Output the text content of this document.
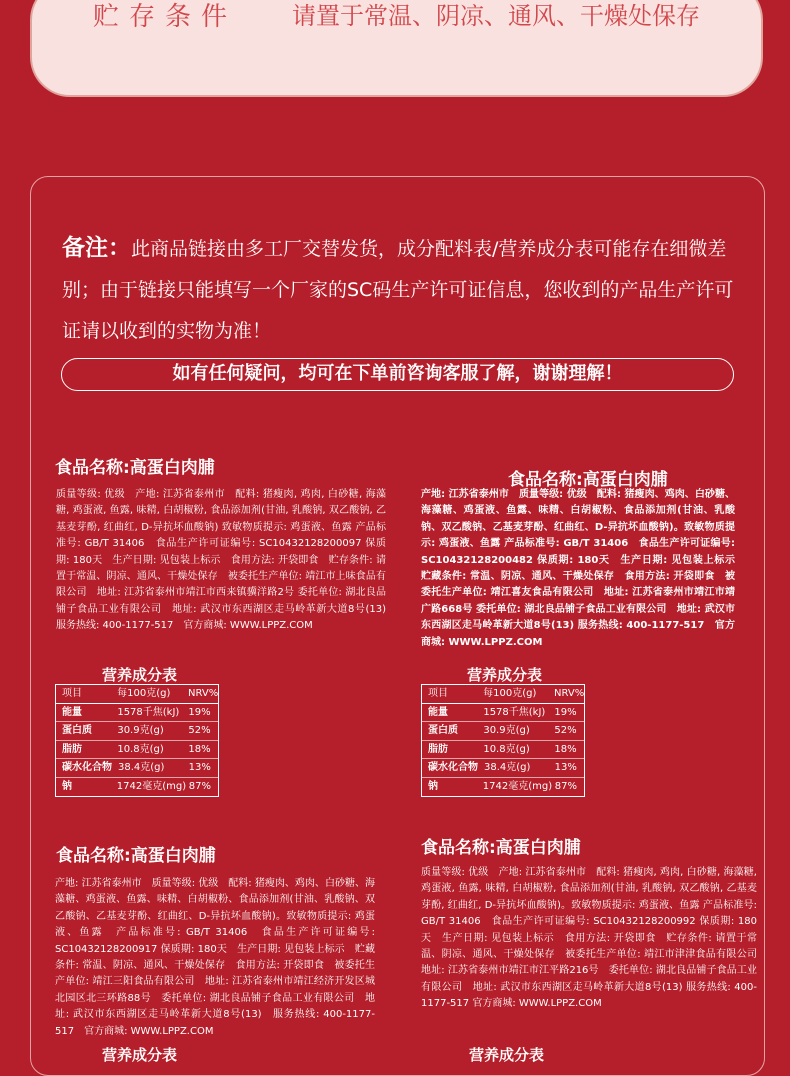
贮存条件 请置于常温、阴凉、通风、干燥处保存
备注：此商品链接由多工厂交替发货，成分配料表/营养成分表可能存在细微差别；由于链接只能填写一个厂家的SC码生产许可证信息，您收到的产品生产许可证请以收到的实物为准！
如有任何疑问，均可在下单前咨询客服了解，谢谢理解！
食品名称:高蛋白肉脯
质量等级: 优级　产地: 江苏省泰州市　配料: 猪瘦肉, 鸡肉, 白砂糖, 海藻糖, 鸡蛋液, 鱼露, 味精, 白胡椒粉, 食品添加剂(甘油, 乳酸钠, 双乙酸钠, 乙基麦芽酚, 红曲红, D-异抗坏血酸钠) 致敏物质提示: 鸡蛋液、鱼露 产品标准号: GB/T 31406　食品生产许可证编号: SC10432128200097 保质期: 180天　生产日期: 见包装上标示　食用方法: 开袋即食　贮存条件: 请置于常温、阴凉、通风、干燥处保存　被委托生产单位: 靖江市上味食品有限公司　地址: 江苏省泰州市靖江市西来镇骥洋路2号 委托单位: 湖北良品铺子食品工业有限公司　地址: 武汉市东西湖区走马岭革新大道8号(13)　服务热线: 400-1177-517　官方商城: WWW.LPPZ.COM
食品名称:高蛋白肉脯
产地: 江苏省泰州市　质量等级: 优级　配料: 猪瘦肉、鸡肉、白砂糖、海藻糖、鸡蛋液、鱼露、味精、白胡椒粉、食品添加剂(甘油、乳酸钠、双乙酸钠、乙基麦芽酚、红曲红、D-异抗坏血酸钠)。致敏物质提示: 鸡蛋液、鱼露 产品标准号: GB/T 31406　食品生产许可证编号: SC10432128200482 保质期: 180天　生产日期: 见包装上标示　贮藏条件: 常温、阴凉、通风、干燥处保存　食用方法: 开袋即食　被委托生产单位: 靖江喜友食品有限公司　地址: 江苏省泰州市靖江市靖广路668号 委托单位: 湖北良品铺子食品工业有限公司　地址: 武汉市东西湖区走马岭革新大道8号(13) 服务热线: 400-1177-517　官方商城: WWW.LPPZ.COM
营养成分表
项目	每100克(g)	NRV%
能量	1578千焦(kJ) 19%
蛋白质	30.9克(g)	52%
脂肪	10.8克(g)	18%
碳水化合物 38.4克(g)	13%
钠	1742毫克(mg) 87%
营养成分表
项目	每100克(g)	NRV%
能量	1578千焦(kJ) 19%
蛋白质	30.9克(g)	52%
脂肪	10.8克(g)	18%
碳水化合物 38.4克(g)	13%
钠	1742毫克(mg) 87%
食品名称:高蛋白肉脯
产地: 江苏省泰州市　质量等级: 优级　配料: 猪瘦肉、鸡肉、白砂糖、海藻糖、鸡蛋液、鱼露、味精、白胡椒粉、食品添加剂(甘油、乳酸钠、双乙酸钠、乙基麦芽酚、红曲红、D-异抗坏血酸钠)。致敏物质提示: 鸡蛋液、鱼露　产品标准号: GB/T 31406　食品生产许可证编号: SC10432128200917 保质期: 180天　生产日期: 见包装上标示　贮藏条件: 常温、阴凉、通风、干燥处保存　食用方法: 开袋即食　被委托生产单位: 靖江三阳食品有限公司　地址: 江苏省泰州市靖江经济开发区城北园区北三环路88号　委托单位: 湖北良品铺子食品工业有限公司　地址: 武汉市东西湖区走马岭革新大道8号(13)　服务热线: 400-1177-517　官方商城: WWW.LPPZ.COM
食品名称:高蛋白肉脯
质量等级: 优级　产地: 江苏省泰州市　配料: 猪瘦肉, 鸡肉, 白砂糖, 海藻糖, 鸡蛋液, 鱼露, 味精, 白胡椒粉, 食品添加剂(甘油, 乳酸钠, 双乙酸钠, 乙基麦芽酚, 红曲红, D-异抗坏血酸钠)。致敏物质提示: 鸡蛋液、鱼露 产品标准号: GB/T 31406　食品生产许可证编号: SC10432128200992 保质期: 180天　生产日期: 见包装上标示　食用方法: 开袋即食　贮存条件: 请置于常温、阴凉、通风、干燥处保存　被委托生产单位: 靖江市津津食品有限公司　地址: 江苏省泰州市靖江市江平路216号　委托单位: 湖北良品铺子食品工业有限公司　地址: 武汉市东西湖区走马岭革新大道8号(13) 服务热线: 400-1177-517 官方商城: WWW.LPPZ.COM
营养成分表	营养成分表
